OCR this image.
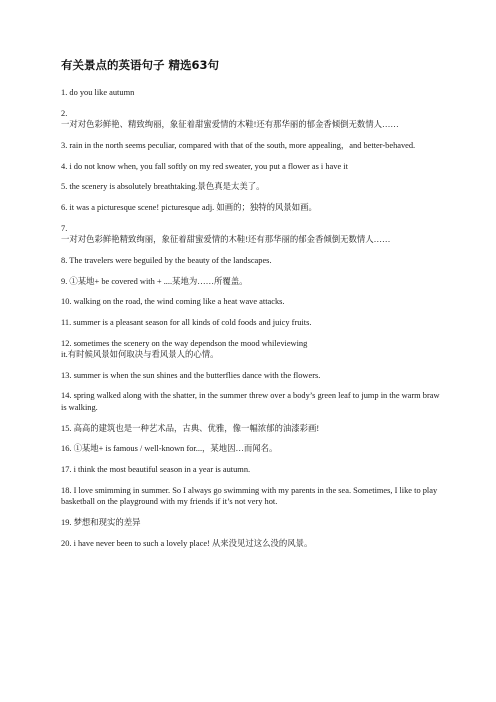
有关景点的英语句子 精选63句
1. do you like autumn
2.
一对对色彩鲜艳、精致绚丽，象征着甜蜜爱情的木鞋!还有那华丽的郁金香倾倒无数情人……
3. rain in the north seems peculiar, compared with that of the south, more appealing，and better-behaved.
4. i do not know when, you fall softly on my red sweater, you put a flower as i have it
5. the scenery is absolutely breathtaking.景色真是太美了。
6. it was a picturesque scene! picturesque adj. 如画的；独特的风景如画。
7.
一对对色彩鲜艳精致绚丽，象征着甜蜜爱情的木鞋!还有那华丽的郁金香倾倒无数情人……
8. The travelers were beguiled by the beauty of the landscapes.
9. ①某地+ be covered with + ....某地为……所覆盖。
10. walking on the road, the wind coming like a heat wave attacks.
11. summer is a pleasant season for all kinds of cold foods and juicy fruits.
12. sometimes the scenery on the way dependson the mood whileviewing
it.有时候风景如何取决与看风景人的心情。
13. summer is when the sun shines and the butterflies dance with the flowers.
14. spring walked along with the shatter, in the summer threw over a body’s green leaf to jump in the warm braw is walking.
15. 高高的建筑也是一种艺术品，古典、优雅，像一幅浓郁的油漆彩画!
16. ①某地+ is famous / well-known for...，某地因…而闻名。
17. i think the most beautiful season in a year is autumn.
18. I love smimming in summer. So I always go swimming with my parents in the sea. Sometimes, I like to play basketball on the playground with my friends if it’s not very hot.
19. 梦想和现实的差异
20. i have never been to such a lovely place! 从来没见过这么没的风景。
